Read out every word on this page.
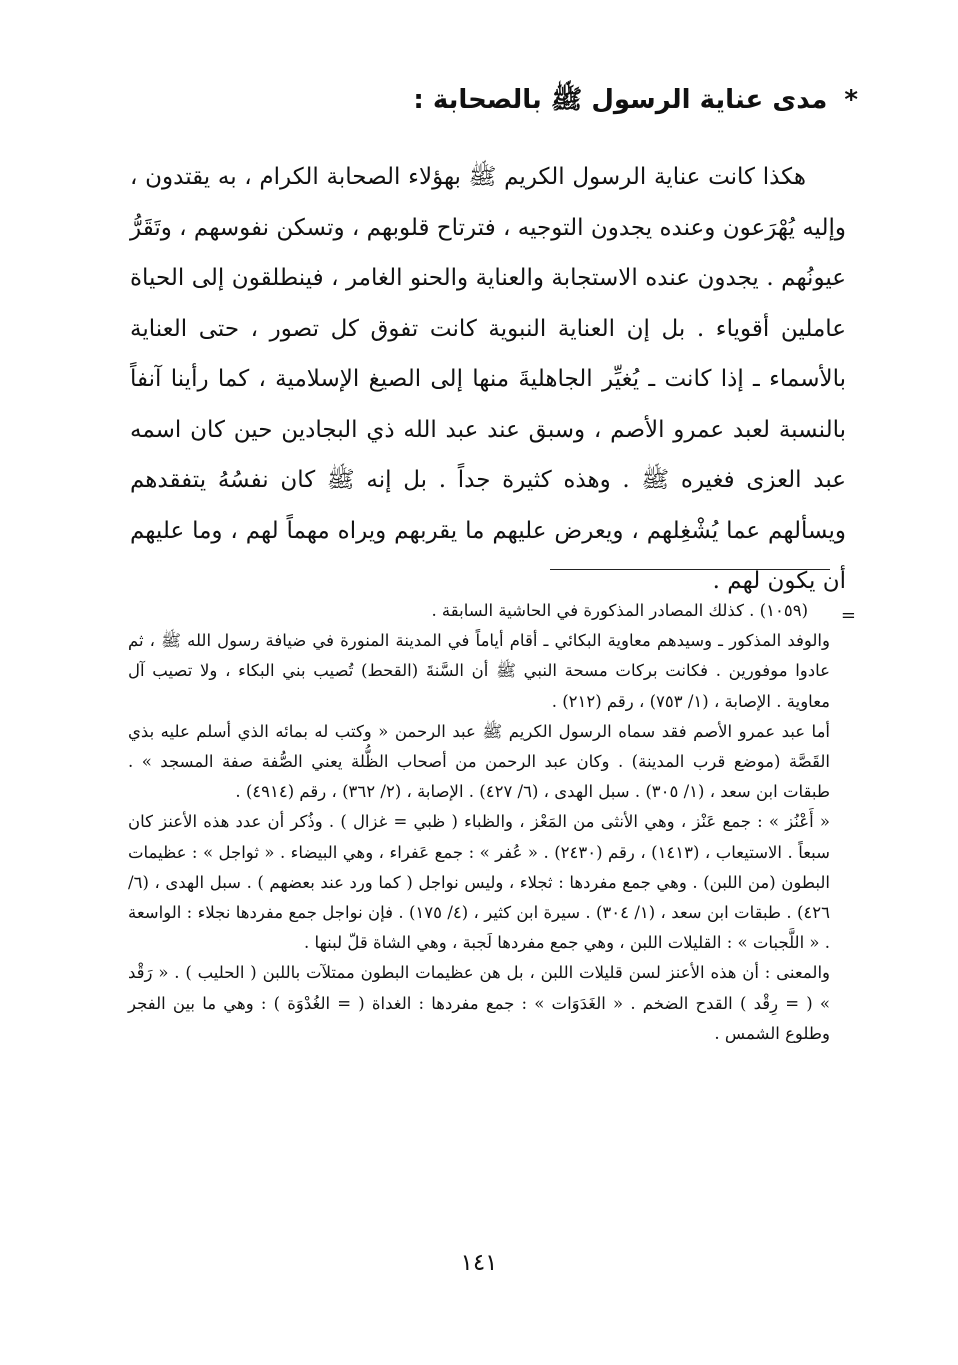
* مدى عناية الرسول ﷺ بالصحابة :
هكذا كانت عناية الرسول الكريم ﷺ بهؤلاء الصحابة الكرام ، به يقتدون ، وإليه يُهْرَعون وعنده يجدون التوجيه ، فترتاح قلوبهم ، وتسكن نفوسهم ، وتَقَرُّ عيونُهم . يجدون عنده الاستجابة والعناية والحنو الغامر ، فينطلقون إلى الحياة عاملين أقوياء . بل إن العناية النبوية كانت تفوق كل تصور ، حتى العناية بالأسماء ـ إذا كانت ـ يُغيِّر الجاهليةَ منها إلى الصيغ الإسلامية ، كما رأينا آنفاً بالنسبة لعبد عمرو الأصم ، وسبق عند عبد الله ذي البجادين حين كان اسمه عبد العزى فغيره ﷺ . وهذه كثيرة جداً . بل إنه ﷺ كان نفسُهُ يتفقدهم ويسألهم عما يُشْغِلهم ، ويعرض عليهم ما يقربهم ويراه مهماً لهم ، وما عليهم أن يكون لهم .
=

(١٠٥٩) . كذلك المصادر المذكورة في الحاشية السابقة .

والوفد المذكور ـ وسيدهم معاوية البكائي ـ أقام أياماً في المدينة المنورة في ضيافة رسول الله ﷺ ، ثم عادوا موفورين . فكانت بركات مسحة النبي ﷺ أن السَّنةَ (القحط) تُصيب بني البكاء ، ولا تصيب آل معاوية . الإصابة ، (١/ ٧٥٣) ، رقم (٢١٢) .

أما عبد عمرو الأصم فقد سماه الرسول الكريم ﷺ عبد الرحمن « وكتب له بمائه الذي أسلم عليه بذي القَصَّة (موضع قرب المدينة) . وكان عبد الرحمن من أصحاب الظُّلة يعني الصُّفة صفة المسجد » . طبقات ابن سعد ، (١/ ٣٠٥) . سبل الهدى ، (٦/ ٤٢٧) . الإصابة ، (٢/ ٣٦٢) ، رقم (٤٩١٤) .

« أَعْنُز » : جمع عَنْز ، وهي الأنثى من المَعْز ، والظباء ( ظبي = غزال ) . وذُكر أن عدد هذه الأعنز كان سبعاً . الاستيعاب ، (١٤١٣) ، رقم (٢٤٣٠) . « عُفر » : جمع عَفراء ، وهي البيضاء . « ثواجل » : عظيمات البطون (من اللبن) . وهي جمع مفردها : ثجلاء ، وليس نواجل ( كما ورد عند بعضهم ) . سبل الهدى ، (٦/ ٤٢٦) . طبقات ابن سعد ، (١/ ٣٠٤) . سيرة ابن كثير ، (٤/ ١٧٥) . فإن نواجل جمع مفردها نجلاء : الواسعة . « اللَّجبات » : القليلات اللبن ، وهي جمع مفردها لَجبة ، وهي الشاة قلّ لبنها .

والمعنى : أن هذه الأعنز لسن قليلات اللبن ، بل هن عظيمات البطون ممتلآت باللبن ( الحليب ) . « رَقْد » ( = رِقْد ) القدح الضخم . « الغَدَوَات » : جمع مفردها : الغداة ( = الغُدْوَة ) : وهي ما بين الفجر وطلوع الشمس .

١٤١
